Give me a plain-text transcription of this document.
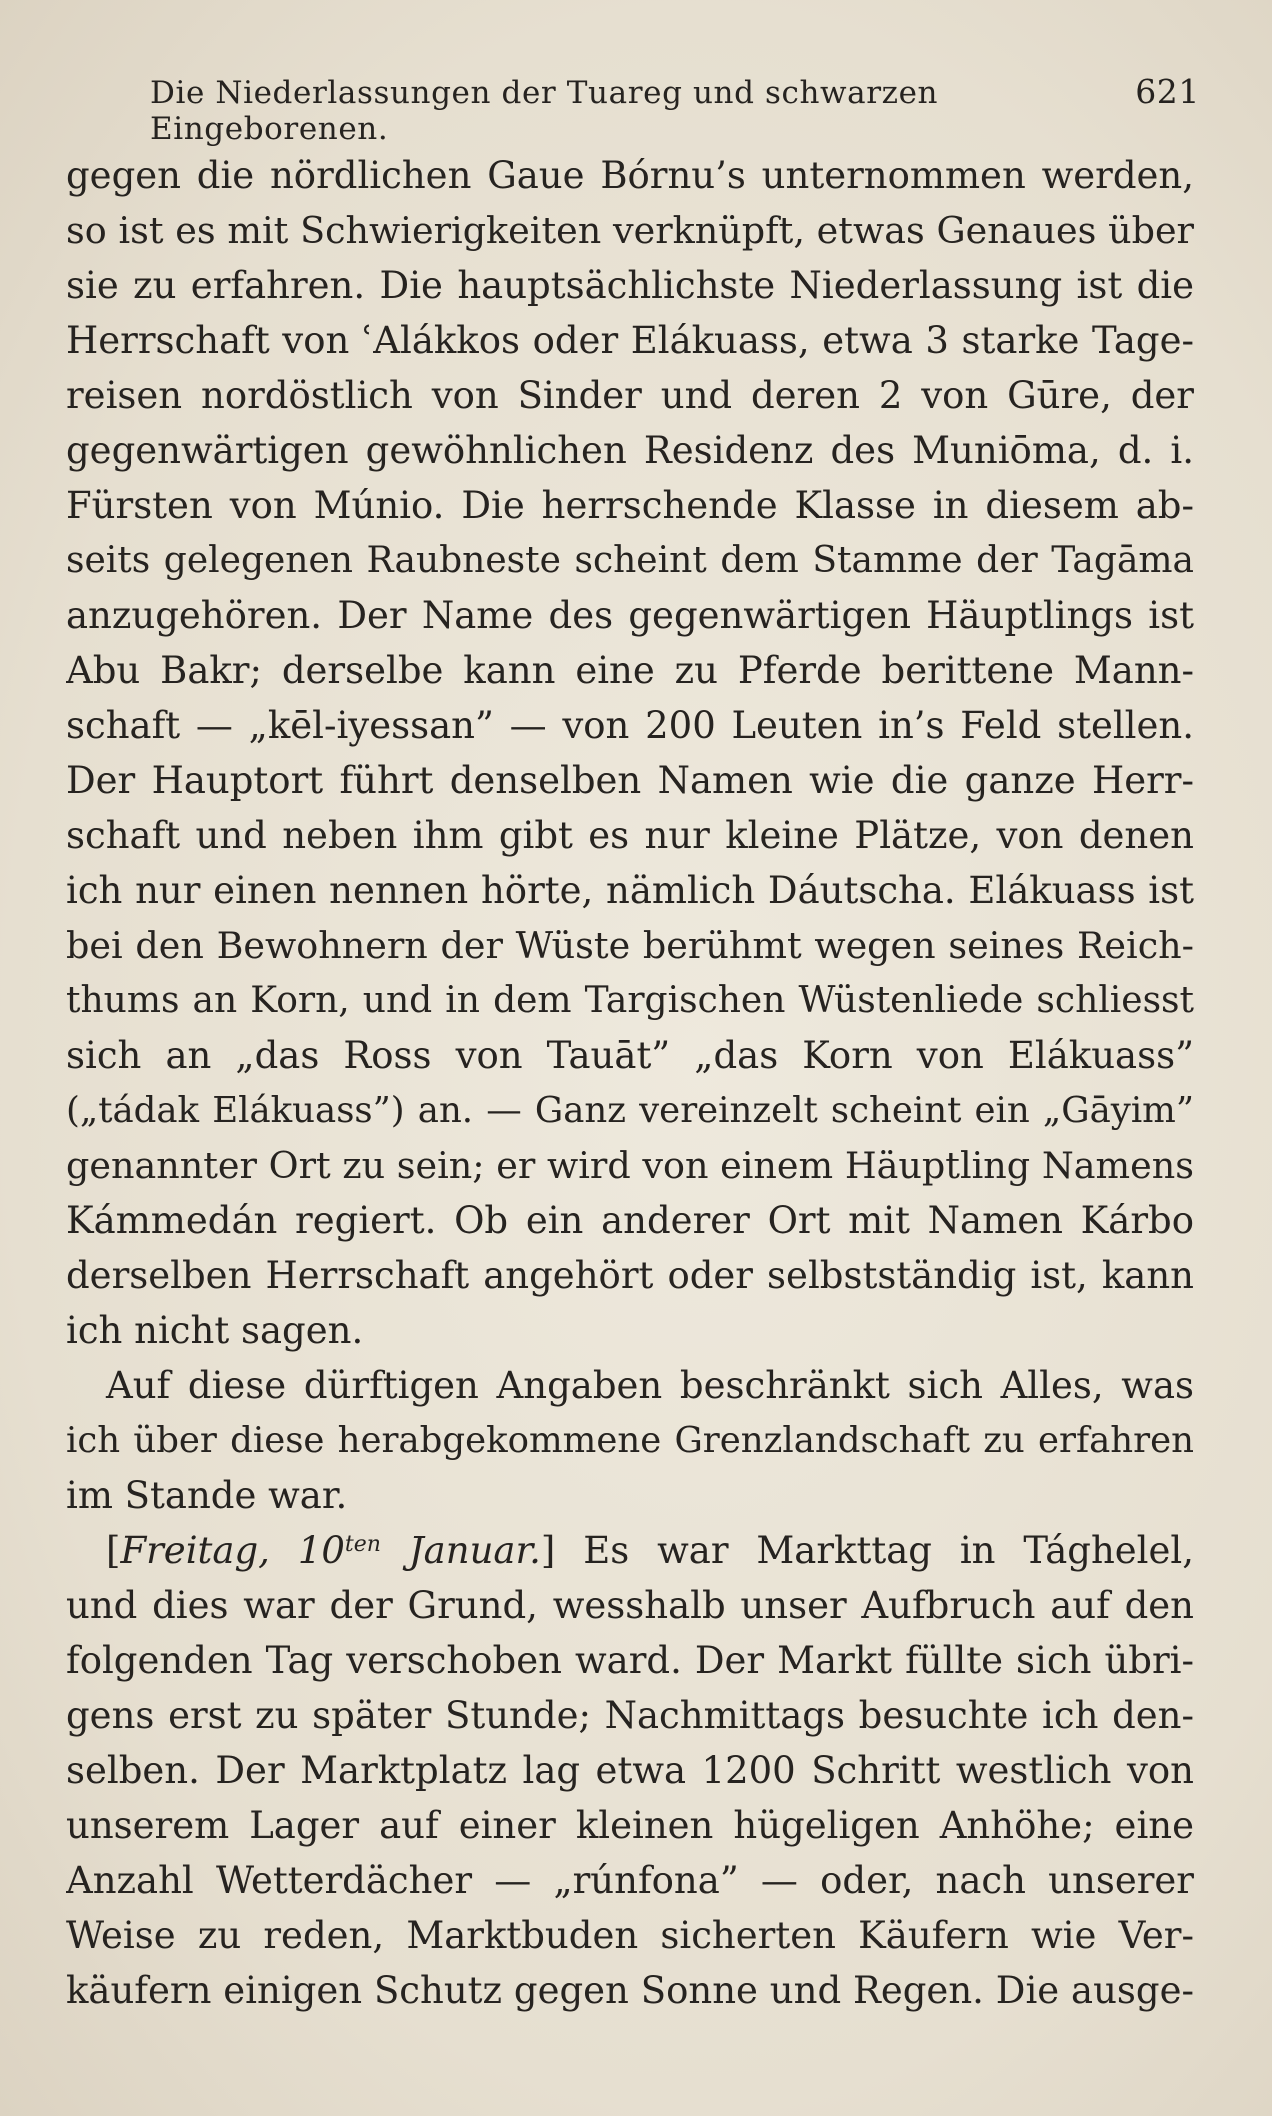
Die Niederlassungen der Tuareg und schwarzen Eingeborenen.
621
gegen die nördlichen Gaue Bórnu’s unternommen werden,
so ist es mit Schwierigkeiten verknüpft, etwas Genaues über
sie zu erfahren. Die hauptsächlichste Niederlassung ist die
Herrschaft von ʿAlákkos oder Elákuass, etwa 3 starke Tage-
reisen nordöstlich von Sinder und deren 2 von Gūre, der
gegenwärtigen gewöhnlichen Residenz des Muniōma, d. i.
Fürsten von Múnio. Die herrschende Klasse in diesem ab-
seits gelegenen Raubneste scheint dem Stamme der Tagāma
anzugehören. Der Name des gegenwärtigen Häuptlings ist
Abu Bakr; derselbe kann eine zu Pferde berittene Mann-
schaft — „kēl-iyessan” — von 200 Leuten in’s Feld stellen.
Der Hauptort führt denselben Namen wie die ganze Herr-
schaft und neben ihm gibt es nur kleine Plätze, von denen
ich nur einen nennen hörte, nämlich Dáutscha. Elákuass ist
bei den Bewohnern der Wüste berühmt wegen seines Reich-
thums an Korn, und in dem Targischen Wüstenliede schliesst
sich an „das Ross von Tauāt” „das Korn von Elákuass”
(„tádak Elákuass”) an. — Ganz vereinzelt scheint ein „Gāyim”
genannter Ort zu sein; er wird von einem Häuptling Namens
Kámmedán regiert. Ob ein anderer Ort mit Namen Kárbo
derselben Herrschaft angehört oder selbstständig ist, kann
ich nicht sagen.
Auf diese dürftigen Angaben beschränkt sich Alles, was
ich über diese herabgekommene Grenzlandschaft zu erfahren
im Stande war.
[Freitag, $10^{ten}$ Januar.] Es war Markttag in Tághelel,
und dies war der Grund, wesshalb unser Aufbruch auf den
folgenden Tag verschoben ward. Der Markt füllte sich übri-
gens erst zu später Stunde; Nachmittags besuchte ich den-
selben. Der Marktplatz lag etwa 1200 Schritt westlich von
unserem Lager auf einer kleinen hügeligen Anhöhe; eine
Anzahl Wetterdächer — „rúnfona” — oder, nach unserer
Weise zu reden, Marktbuden sicherten Käufern wie Ver-
käufern einigen Schutz gegen Sonne und Regen. Die ausge-
